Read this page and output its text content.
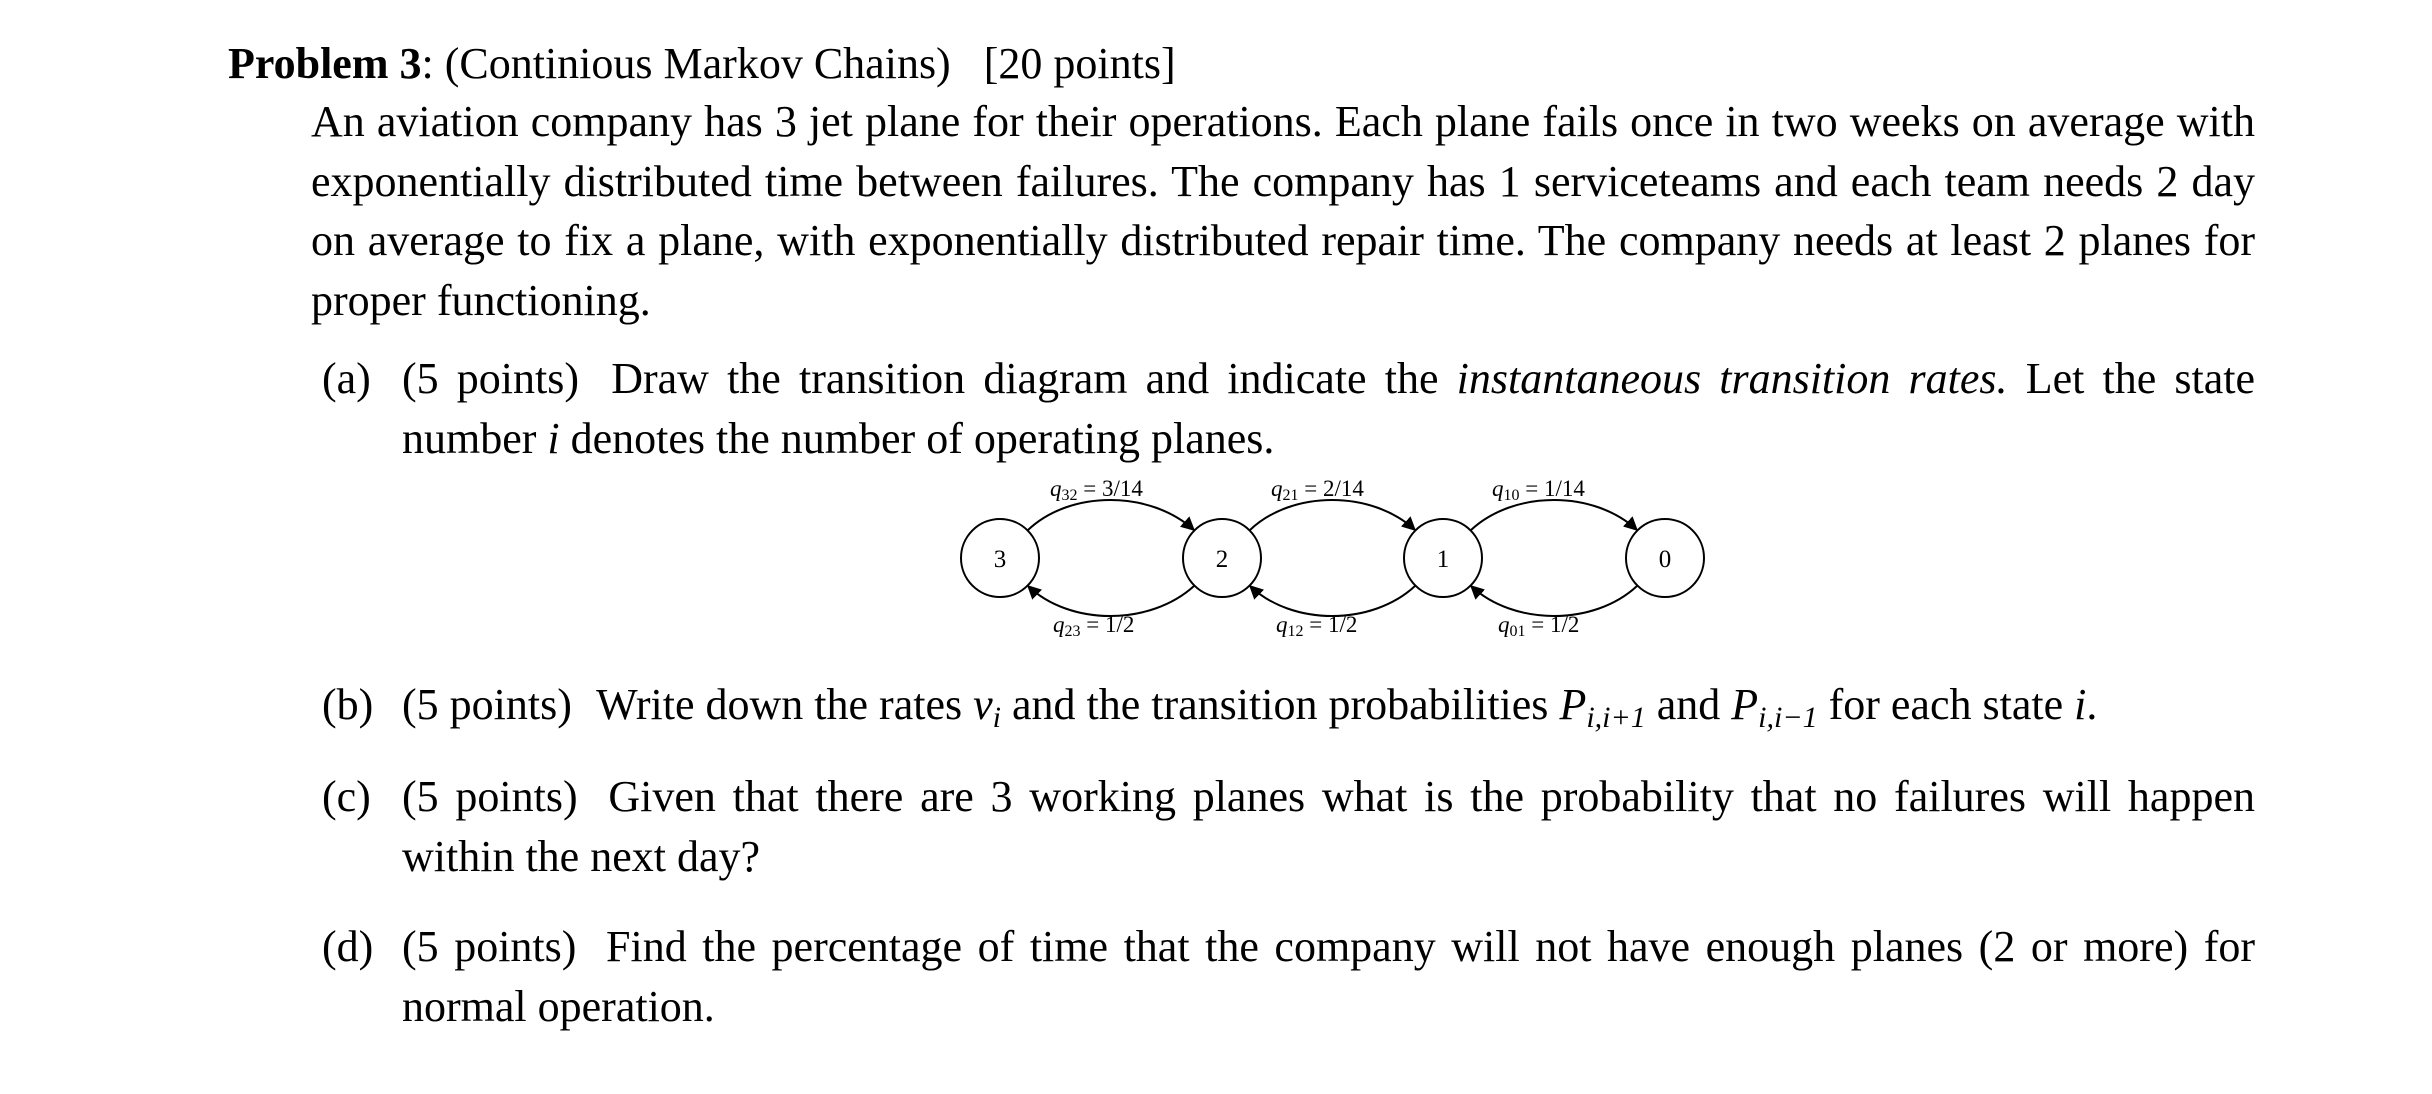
Problem 3: (Continious Markov Chains) [20 points]
An aviation company has 3 jet plane for their operations. Each plane fails once in two weeks on average with exponentially distributed time between failures. The company has 1 serviceteams and each team needs 2 day on average to fix a plane, with exponentially distributed repair time. The company needs at least 2 planes for proper functioning.
(a) (5 points) Draw the transition diagram and indicate the instantaneous transition rates. Let the state number i denotes the number of operating planes.
3	2	1	0
q32 = 3/14	q21 = 2/14	q10 = 1/14
q23 = 1/2	q12 = 1/2	q01 = 1/2
(b) (5 points) Write down the rates $v_i$ and the transition probabilities $P_{i,i+1}$ and $P_{i,i-1}$ for each state i.
(c) (5 points) Given that there are 3 working planes what is the probability that no failures will happen within the next day?
(d) (5 points) Find the percentage of time that the company will not have enough planes (2 or more) for normal operation.
